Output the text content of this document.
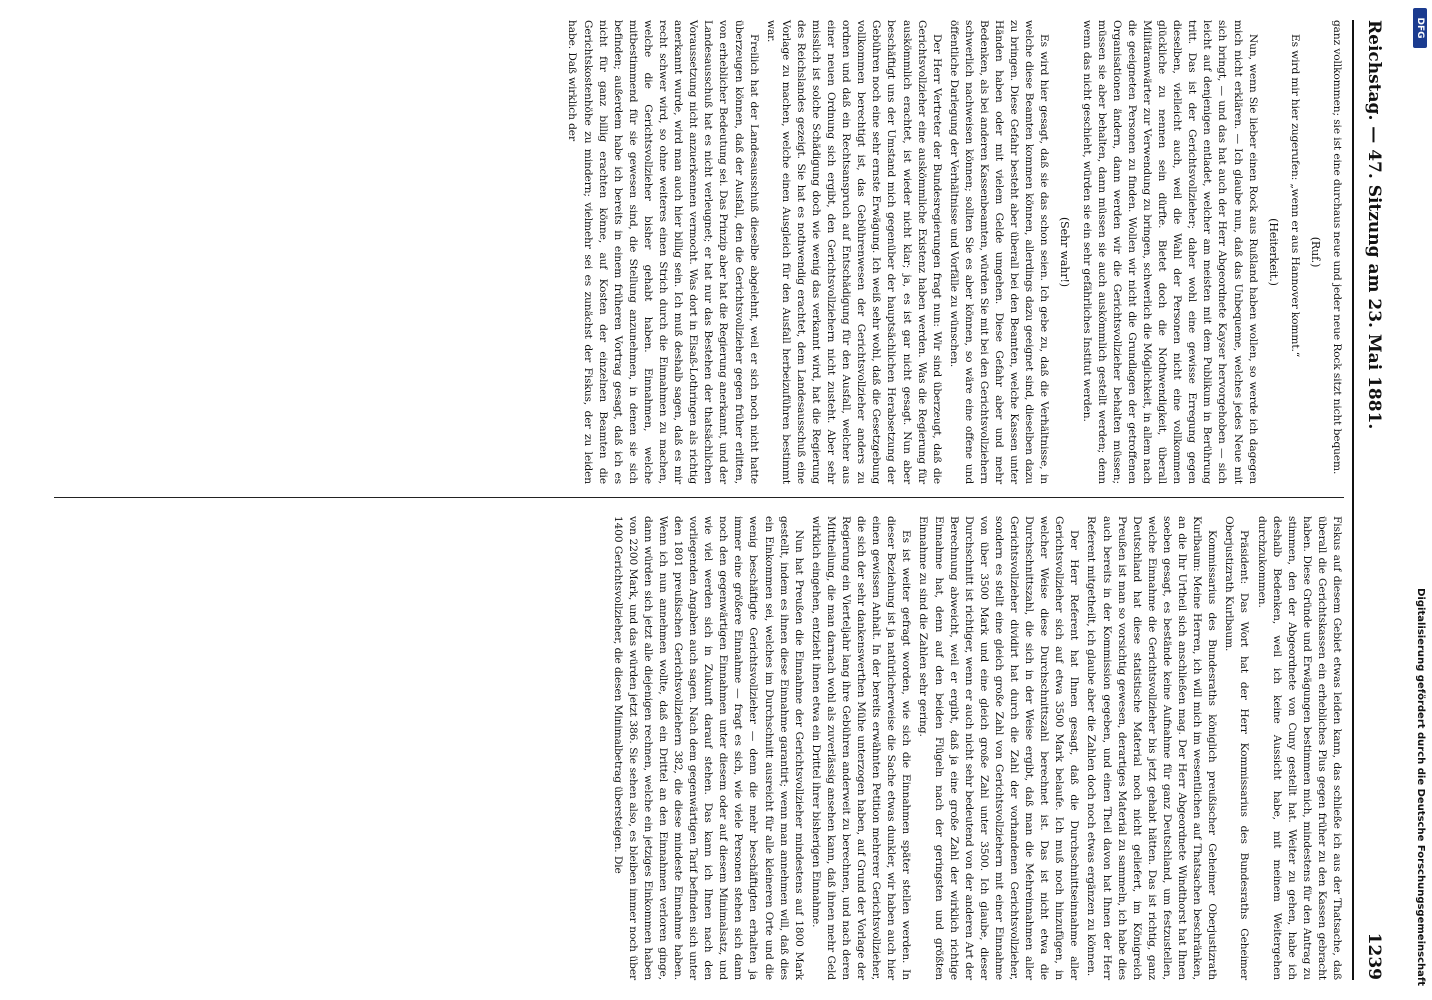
Reichstag. — 47. Sitzung am 23. Mai 1881.
1239

ganz vollkommen; sie ist eine durchaus neue und jeder neue Rock sitzt nicht bequem.

(Ruf.)

Es wird mir hier zugerufen: „wenn er aus Hannover kommt.“

(Heiterkeit.)

Nun, wenn Sie lieber einen Rock aus Rußland haben wollen, so werde ich dagegen mich nicht erklären. — Ich glaube nun, daß das Unbequeme, welches jedes Neue mit sich bringt, — und das hat auch der Herr Abgeordnete Kayser hervorgehoben — sich leicht auf denjenigen entladet, welcher am meisten mit dem Publikum in Berührung tritt. Das ist der Gerichtsvollzieher; daher wohl eine gewisse Erregung gegen dieselben, vielleicht auch, weil die Wahl der Personen nicht eine vollkommen glückliche zu nennen sein dürfte. Bietet doch die Nothwendigkeit, überall Militäranwärter zur Verwendung zu bringen, schwerlich die Möglichkeit, in allem nach die geeigneten Personen zu finden. Wollen wir nicht die Grundlagen der getroffenen Organisationen ändern, dann werden wir die Gerichtsvollzieher behalten müssen; müssen sie aber behalten, dann müssen sie auch auskömmlich gestellt werden; denn wenn das nicht geschieht, würden sie ein sehr gefährliches Institut werden.

(Sehr wahr!)

Es wird hier gesagt, daß sie das schon seien. Ich gebe zu, daß die Verhältnisse, in welche diese Beamten kommen können, allerdings dazu geeignet sind, dieselben dazu zu bringen. Diese Gefahr besteht aber überall bei den Beamten, welche Kassen unter Händen haben oder mit vielem Gelde umgehen. Diese Gefahr aber und mehr Bedenken, als bei anderen Kassenbeamten, würden Sie mit bei den Gerichtsvollziehern schwerlich nachweisen können; sollten Sie es aber können, so wäre eine offene und öffentliche Darlegung der Verhältnisse und Vorfälle zu wünschen.

Der Herr Vertreter der Bundesregierungen fragt nun: Wir sind überzeugt, daß die Gerichtsvollzieher eine auskömmliche Existenz haben werden. Was die Regierung für auskömmlich erachtet, ist wieder nicht klar; ja, es ist gar nicht gesagt. Nun aber beschäftigt uns der Umstand mich gegenüber der hauptsächlichen Herabsetzung der Gebühren noch eine sehr ernste Erwägung. Ich weiß sehr wohl, daß die Gesetzgebung vollkommen berechtigt ist, das Gebührenwesen der Gerichtsvollzieher anders zu ordnen und daß ein Rechtsanspruch auf Entschädigung für den Ausfall, welcher aus einer neuen Ordnung sich ergibt, den Gerichtsvollziehern nicht zusteht. Aber sehr misslich ist solche Schädigung doch wie wenig das verkannt wird, hat die Regierung des Reichslandes gezeigt. Sie hat es nothwendig erachtet, dem Landesausschuß eine Vorlage zu machen, welche einen Ausgleich für den Ausfall herbeizuführen bestimmt war.

Freilich hat der Landesausschuß dieselbe abgelehnt, weil er sich noch nicht hatte überzeugen können, daß der Ausfall, den die Gerichtsvollzieher gegen früher erlitten, von erheblicher Bedeutung sei. Das Prinzip aber hat die Regierung anerkannt, und der Landesausschuß hat es nicht verleugnet; er hat nur das Bestehen der thatsächlichen Voraussetzung nicht anzuerkennen vermocht. Was dort in Elsaß-Lothringen als richtig anerkannt wurde, wird man auch hier billig sein. Ich muß deshalb sagen, daß es mir recht schwer wird, so ohne weiteres einen Strich durch die Einnahmen zu machen, welche die Gerichtsvollzieher bisher gehabt haben. Einnahmen, welche mitbestimmend für sie gewesen sind, die Stellung anzunehmen, in denen sie sich befinden; außerdem habe ich bereits in einem früheren Vortrag gesagt, daß ich es nicht für ganz billig erachten könne, auf Kosten der einzelnen Beamten die Gerichtskostenhöhe zu mindern; vielmehr sei es zunächst der Fiskus, der zu leiden habe. Daß wirklich der

Fiskus auf diesem Gebiet etwas leiden kann, das schließe ich aus der Thatsache, daß überall die Gerichtskassen ein erhebliches Plus gegen früher zu den Kassen gebracht haben. Diese Gründe und Erwägungen bestimmen mich, mindestens für den Antrag zu stimmen, den der Abgeordnete von Cuny gestellt hat. Weiter zu gehen, habe ich deshalb Bedenken, weil ich keine Aussicht habe, mit meinem Weitergehen durchzukommen.

Präsident: Das Wort hat der Herr Kommissarius des Bundesraths Geheimer Oberjustizrath Kurlbaum.

Kommissarius des Bundesraths königlich preußischer Geheimer Oberjustizrath Kurlbaum: Meine Herren, ich will mich im wesentlichen auf Thatsachen beschränken, an die Ihr Urtheil sich anschließen mag. Der Herr Abgeordnete Windthorst hat Ihnen soeben gesagt, es bestände keine Aufnahme für ganz Deutschland, um festzustellen, welche Einnahme die Gerichtsvollzieher bis jetzt gehabt hätten. Das ist richtig, ganz Deutschland hat diese statistische Material noch nicht geliefert, im Königreich Preußen ist man so vorsichtig gewesen, derartiges Material zu sammeln, ich habe dies auch bereits in der Kommission gegeben, und einen Theil davon hat Ihnen der Herr Referent mitgetheilt, ich glaube aber die Zahlen doch noch etwas ergänzen zu können.

Der Herr Referent hat Ihnen gesagt, daß die Durchschnittseinnahme aller Gerichtsvollzieher sich auf etwa 3500 Mark belaufe. Ich muß noch hinzufügen, in welcher Weise diese Durchschnittszahl berechnet ist. Das ist nicht etwa die Durchschnittszahl, die sich in der Weise ergibt, daß man die Mehreinnahmen aller Gerichtsvollzieher dividirt hat durch die Zahl der vorhandenen Gerichtsvollzieher, sondern es stellt eine gleich große Zahl von Gerichtsvollziehern mit einer Einnahme von über 3500 Mark und eine gleich große Zahl unter 3500. Ich glaube, dieser Durchschnitt ist richtiger, wenn er auch nicht sehr bedeutend von der anderen Art der Berechnung abweicht, weil er ergibt, daß ja eine große Zahl der wirklich richtige Einnahme hat, denn auf den beiden Flügeln nach der geringsten und größten Einnahme zu sind die Zahlen sehr gering.

Es ist weiter gefragt worden, wie sich die Einnahmen später stellen werden. In dieser Beziehung ist ja natürlicherweise die Sache etwas dunkler, wir haben auch hier einen gewissen Anhalt. In der bereits erwähnten Petition mehrerer Gerichtsvollzieher, die sich der sehr dankenswerthen Mühe unterzogen haben, auf Grund der Vorlage der Regierung ein Vierteljahr lang ihre Gebühren anderweit zu berechnen, und nach deren Mittheilung, die man darnach wohl als zuverlässig ansehen kann, daß ihnen mehr Geld wirklich eingehen, entzieht ihnen etwa ein Drittel ihrer bisherigen Einnahme.

Nun hat Preußen die Einnahme der Gerichtsvollzieher mindestens auf 1800 Mark gestellt, indem es ihnen diese Einnahme garantirt; wenn man annehmen will, daß dies ein Einkommen sei, welches im Durchschnitt ausreicht für alle kleineren Orte und die wenig beschäftigte Gerichtsvollzieher — denn die mehr beschäftigten erhalten ja immer eine größere Einnahme — fragt es sich, wie viele Personen stehen sich dann noch den gegenwärtigen Einnahmen unter diesem oder auf diesem Minimalsatz, und wie viel werden sich in Zukunft darauf stehen. Das kann ich Ihnen nach den vorliegenden Angaben auch sagen. Nach dem gegenwärtigen Tarif befinden sich unter den 1801 preußischen Gerichtsvollziehern 382, die diese mindeste Einnahme haben. Wenn ich nun annehmen wollte, daß ein Drittel an den Einnahmen verloren ginge, dann würden sich jetzt alle diejenigen rechnen, welche ein jetziges Einkommen haben von 2200 Mark, und das würden jetzt 386. Sie sehen also, es bleiben immer noch über 1400 Gerichtsvollzieher, die diesen Minimalbetrag übersteigen. Die	Digitalisierung gefördert durch die Deutsche Forschungsgemeinschaft
DFG
